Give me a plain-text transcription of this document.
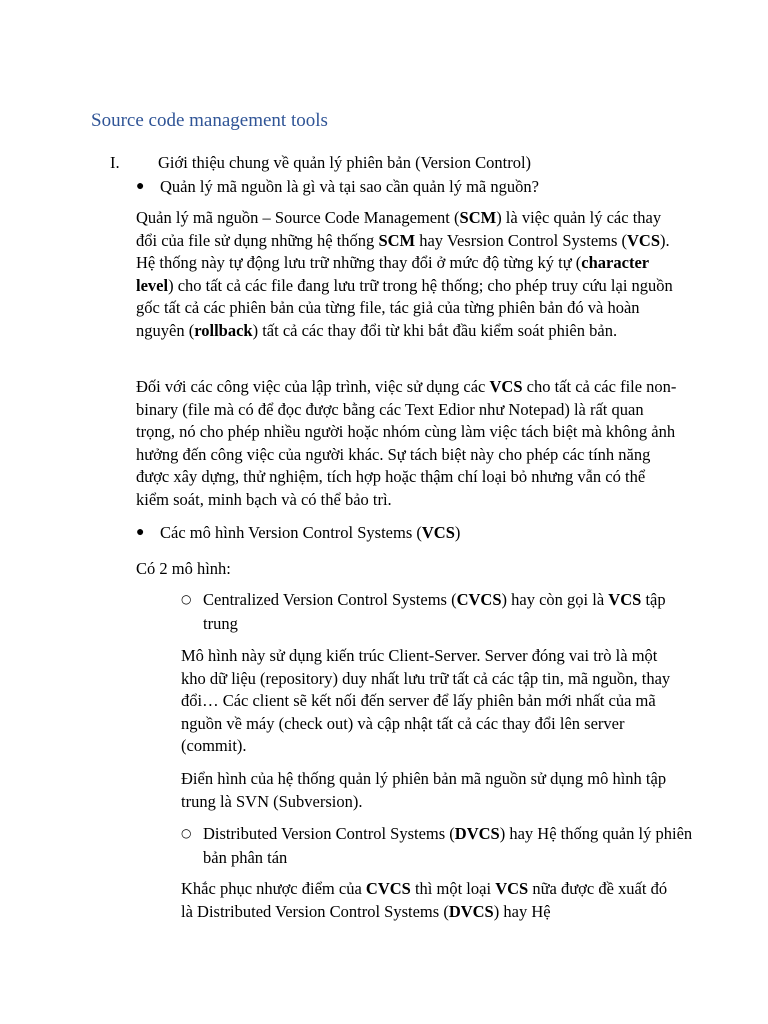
Source code management tools
I.	Giới thiệu chung về quản lý phiên bản (Version Control)
● Quản lý mã nguồn là gì và tại sao cần quản lý mã nguồn?

Quản lý mã nguồn – Source Code Management (SCM) là việc quản lý các thay đổi của file sử dụng những hệ thống SCM hay Vesrsion Control Systems (VCS). Hệ thống này tự động lưu trữ những thay đổi ở mức độ từng ký tự (character level) cho tất cả các file đang lưu trữ trong hệ thống; cho phép truy cứu lại nguồn gốc tất cả các phiên bản của từng file, tác giả của từng phiên bản đó và hoàn nguyên (rollback) tất cả các thay đổi từ khi bắt đầu kiểm soát phiên bản.

Đối với các công việc của lập trình, việc sử dụng các VCS cho tất cả các file non-binary (file mà có để đọc được bằng các Text Edior như Notepad) là rất quan trọng, nó cho phép nhiều người hoặc nhóm cùng làm việc tách biệt mà không ảnh hưởng đến công việc của người khác. Sự tách biệt này cho phép các tính năng được xây dựng, thử nghiệm, tích hợp hoặc thậm chí loại bỏ nhưng vẫn có thể kiểm soát, minh bạch và có thể bảo trì.

● Các mô hình Version Control Systems (VCS)

Có 2 mô hình:

○ Centralized Version Control Systems (CVCS) hay còn gọi là VCS tập trung

Mô hình này sử dụng kiến trúc Client-Server. Server đóng vai trò là một kho dữ liệu (repository) duy nhất lưu trữ tất cả các tập tin, mã nguồn, thay đổi… Các client sẽ kết nối đến server để lấy phiên bản mới nhất của mã nguồn về máy (check out) và cập nhật tất cả các thay đổi lên server (commit).

Điển hình của hệ thống quản lý phiên bản mã nguồn sử dụng mô hình tập trung là SVN (Subversion).

○ Distributed Version Control Systems (DVCS) hay Hệ thống quản lý phiên bản phân tán

Khắc phục nhược điểm của CVCS thì một loại VCS nữa được đề xuất đó là Distributed Version Control Systems (DVCS) hay Hệ
